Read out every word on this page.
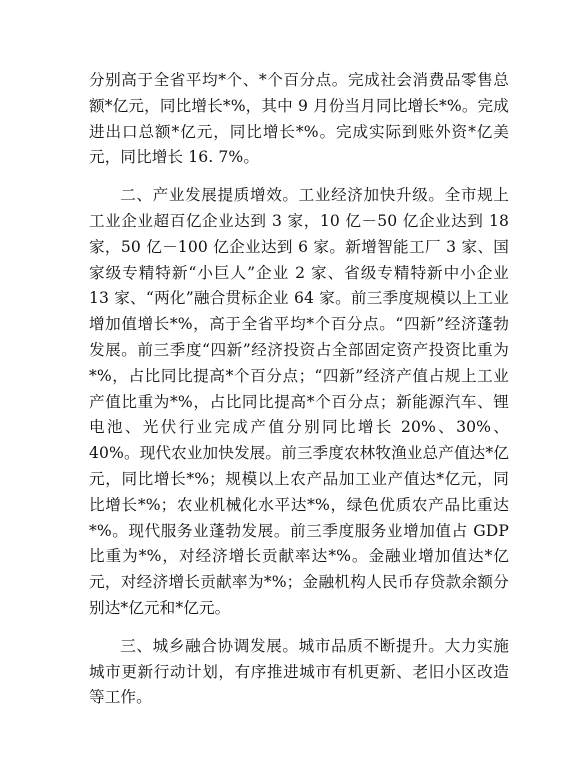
分别高于全省平均*个、*个百分点。完成社会消费品零售总额*亿元，同比增长*%，其中 9 月份当月同比增长*%。完成进出口总额*亿元，同比增长*%。完成实际到账外资*亿美元，同比增长 16. 7%。

二、产业发展提质增效。工业经济加快升级。全市规上工业企业超百亿企业达到 3 家，10 亿－50 亿企业达到 18 家，50 亿－100 亿企业达到 6 家。新增智能工厂 3 家、国家级专精特新“小巨人”企业 2 家、省级专精特新中小企业 13 家、“两化”融合贯标企业 64 家。前三季度规模以上工业增加值增长*%，高于全省平均*个百分点。“四新”经济蓬勃发展。前三季度“四新”经济投资占全部固定资产投资比重为*%，占比同比提高*个百分点；“四新”经济产值占规上工业产值比重为*%，占比同比提高*个百分点；新能源汽车、锂电池、光伏行业完成产值分别同比增长 20%、30%、40%。现代农业加快发展。前三季度农林牧渔业总产值达*亿元，同比增长*%；规模以上农产品加工业产值达*亿元，同比增长*%；农业机械化水平达*%，绿色优质农产品比重达*%。现代服务业蓬勃发展。前三季度服务业增加值占 GDP 比重为*%，对经济增长贡献率达*%。金融业增加值达*亿元，对经济增长贡献率为*%；金融机构人民币存贷款余额分别达*亿元和*亿元。

三、城乡融合协调发展。城市品质不断提升。大力实施城市更新行动计划，有序推进城市有机更新、老旧小区改造等工作。
